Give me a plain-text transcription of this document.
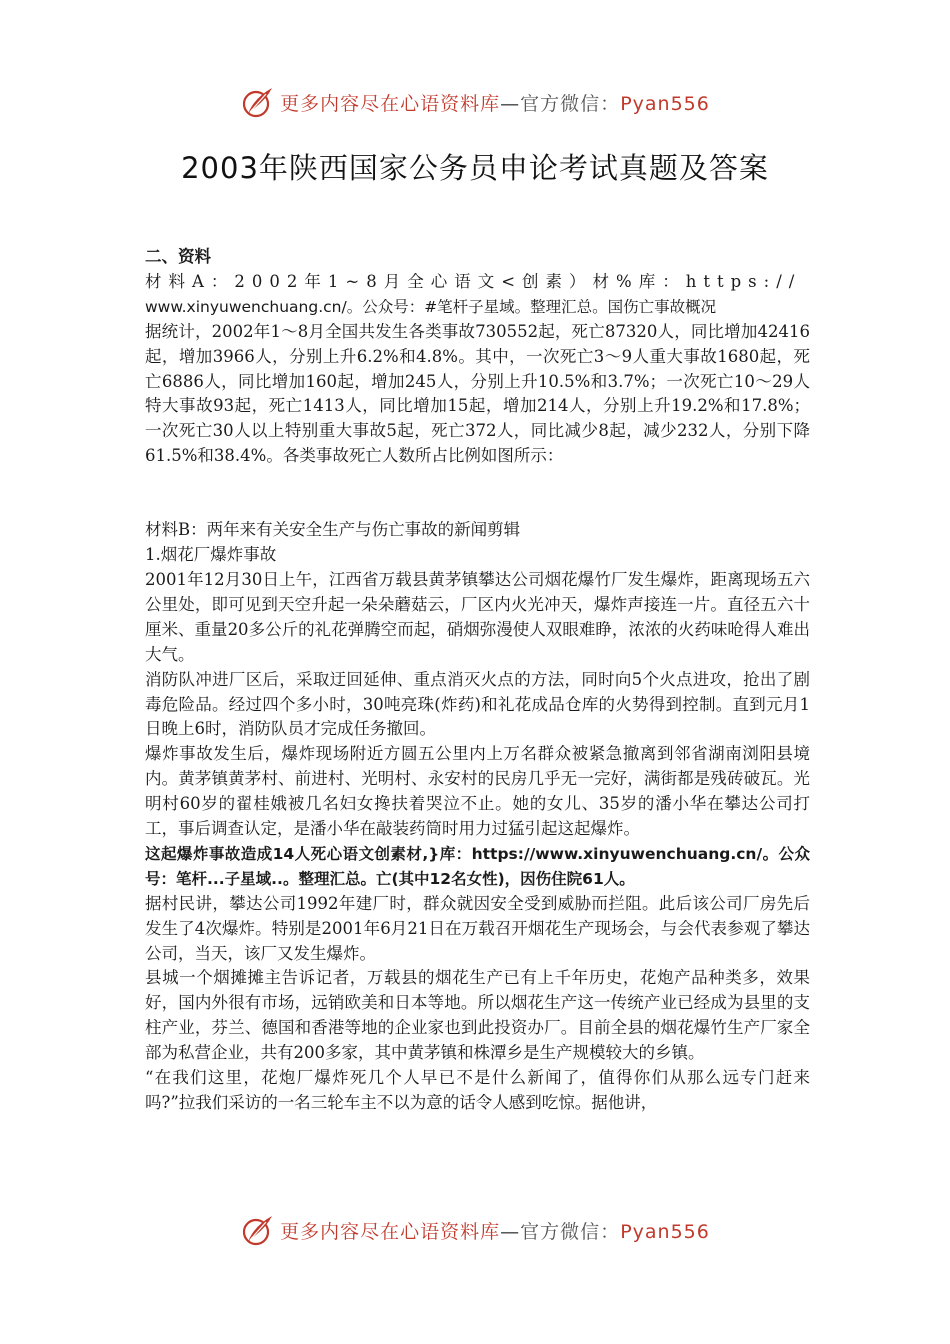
更多内容尽在心语资料库—官方微信：Pyan556
2003年陕西国家公务员申论考试真题及答案

二、资料

材料A：2002年1~8月全心语文<创素）材%库：https://

www.xinyuwenchuang.cn/。公众号：#笔杆子星域。整理汇总。国伤亡事故概况

据统计，2002年1～8月全国共发生各类事故730552起，死亡87320人，同比增加42416起，增加3966人，分别上升6.2%和4.8%。其中，一次死亡3～9人重大事故1680起，死亡6886人，同比增加160起，增加245人，分别上升10.5%和3.7%；一次死亡10～29人特大事故93起，死亡1413人，同比增加15起，增加214人，分别上升19.2%和17.8%；一次死亡30人以上特别重大事故5起，死亡372人，同比减少8起，减少232人，分别下降61.5%和38.4%。各类事故死亡人数所占比例如图所示：

材料B：两年来有关安全生产与伤亡事故的新闻剪辑

1.烟花厂爆炸事故

2001年12月30日上午，江西省万载县黄茅镇攀达公司烟花爆竹厂发生爆炸，距离现场五六公里处，即可见到天空升起一朵朵蘑菇云，厂区内火光冲天，爆炸声接连一片。直径五六十厘米、重量20多公斤的礼花弹腾空而起，硝烟弥漫使人双眼难睁，浓浓的火药味呛得人难出大气。

消防队冲进厂区后，采取迂回延伸、重点消灭火点的方法，同时向5个火点进攻，抢出了剧毒危险品。经过四个多小时，30吨亮珠(炸药)和礼花成品仓库的火势得到控制。直到元月1日晚上6时，消防队员才完成任务撤回。

爆炸事故发生后，爆炸现场附近方圆五公里内上万名群众被紧急撤离到邻省湖南浏阳县境内。黄茅镇黄茅村、前进村、光明村、永安村的民房几乎无一完好，满街都是残砖破瓦。光明村60岁的翟桂娥被几名妇女搀扶着哭泣不止。她的女儿、35岁的潘小华在攀达公司打工，事后调查认定，是潘小华在敲装药筒时用力过猛引起这起爆炸。

这起爆炸事故造成14人死心语文创素材,}库：https://www.xinyuwenchuang.cn/。公众号：笔杆...子星域..。整理汇总。亡(其中12名女性)，因伤住院61人。

据村民讲，攀达公司1992年建厂时，群众就因安全受到威胁而拦阻。此后该公司厂房先后发生了4次爆炸。特别是2001年6月21日在万载召开烟花生产现场会，与会代表参观了攀达公司，当天，该厂又发生爆炸。

县城一个烟摊摊主告诉记者，万载县的烟花生产已有上千年历史，花炮产品种类多，效果好，国内外很有市场，远销欧美和日本等地。所以烟花生产这一传统产业已经成为县里的支柱产业，芬兰、德国和香港等地的企业家也到此投资办厂。目前全县的烟花爆竹生产厂家全部为私营企业，共有200多家，其中黄茅镇和株潭乡是生产规模较大的乡镇。

“在我们这里，花炮厂爆炸死几个人早已不是什么新闻了，值得你们从那么远专门赶来吗?”拉我们采访的一名三轮车主不以为意的话令人感到吃惊。据他讲，

更多内容尽在心语资料库—官方微信：Pyan556
